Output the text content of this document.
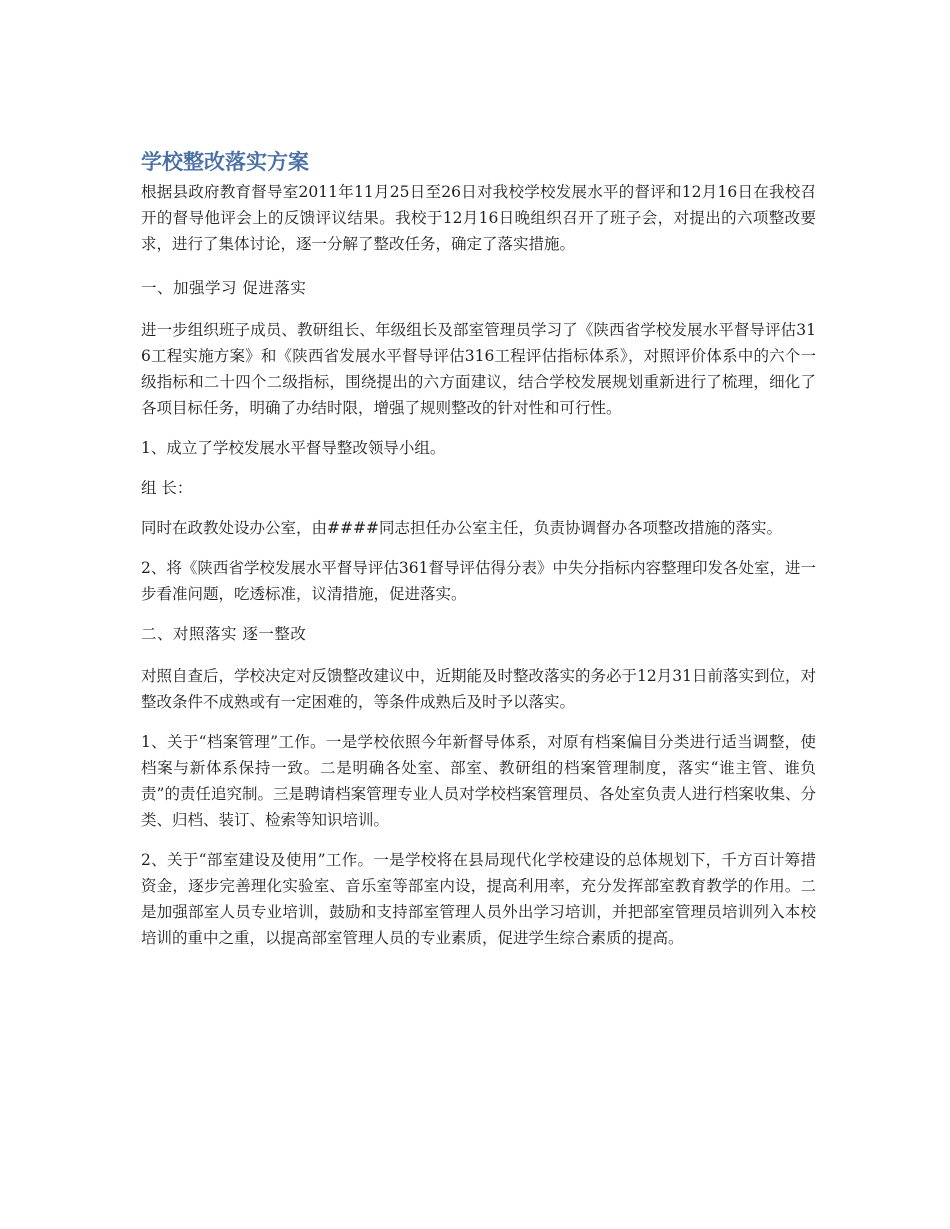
学校整改落实方案

根据县政府教育督导室2011年11月25日至26日对我校学校发展水平的督评和12月16日在我校召开的督导他评会上的反馈评议结果。我校于12月16日晚组织召开了班子会，对提出的六项整改要求，进行了集体讨论，逐一分解了整改任务，确定了落实措施。

一、加强学习 促进落实

进一步组织班子成员、教研组长、年级组长及部室管理员学习了《陕西省学校发展水平督导评估316工程实施方案》和《陕西省发展水平督导评估316工程评估指标体系》，对照评价体系中的六个一级指标和二十四个二级指标，围绕提出的六方面建议，结合学校发展规划重新进行了梳理，细化了各项目标任务，明确了办结时限，增强了规则整改的针对性和可行性。

1、成立了学校发展水平督导整改领导小组。

组 长：

同时在政教处设办公室，由####同志担任办公室主任，负责协调督办各项整改措施的落实。

2、将《陕西省学校发展水平督导评估361督导评估得分表》中失分指标内容整理印发各处室，进一步看准问题，吃透标准，议清措施，促进落实。

二、对照落实 逐一整改

对照自查后，学校决定对反馈整改建议中，近期能及时整改落实的务必于12月31日前落实到位，对整改条件不成熟或有一定困难的，等条件成熟后及时予以落实。

1、关于“档案管理”工作。一是学校依照今年新督导体系，对原有档案偏目分类进行适当调整，使档案与新体系保持一致。二是明确各处室、部室、教研组的档案管理制度，落实“谁主管、谁负责”的责任追究制。三是聘请档案管理专业人员对学校档案管理员、各处室负责人进行档案收集、分类、归档、装订、检索等知识培训。

2、关于“部室建设及使用”工作。一是学校将在县局现代化学校建设的总体规划下，千方百计筹措资金，逐步完善理化实验室、音乐室等部室内设，提高利用率，充分发挥部室教育教学的作用。二是加强部室人员专业培训，鼓励和支持部室管理人员外出学习培训，并把部室管理员培训列入本校培训的重中之重，以提高部室管理人员的专业素质，促进学生综合素质的提高。
